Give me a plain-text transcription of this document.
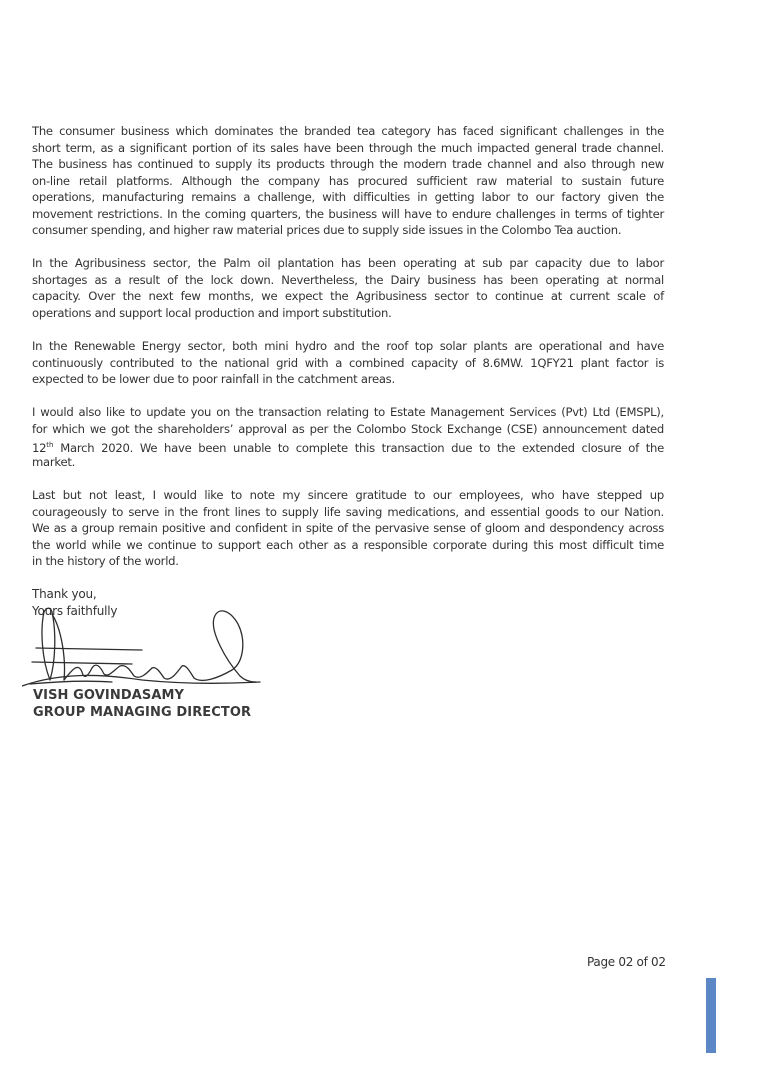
The consumer business which dominates the branded tea category has faced significant challenges in the
short term, as a significant portion of its sales have been through the much impacted general trade channel.
The business has continued to supply its products through the modern trade channel and also through new
on-line retail platforms. Although the company has procured sufficient raw material to sustain future
operations, manufacturing remains a challenge, with difficulties in getting labor to our factory given the
movement restrictions. In the coming quarters, the business will have to endure challenges in terms of tighter
consumer spending, and higher raw material prices due to supply side issues in the Colombo Tea auction.
In the Agribusiness sector, the Palm oil plantation has been operating at sub par capacity due to labor
shortages as a result of the lock down. Nevertheless, the Dairy business has been operating at normal
capacity. Over the next few months, we expect the Agribusiness sector to continue at current scale of
operations and support local production and import substitution.
In the Renewable Energy sector, both mini hydro and the roof top solar plants are operational and have
continuously contributed to the national grid with a combined capacity of 8.6MW. 1QFY21 plant factor is
expected to be lower due to poor rainfall in the catchment areas.
I would also like to update you on the transaction relating to Estate Management Services (Pvt) Ltd (EMSPL),
for which we got the shareholders’ approval as per the Colombo Stock Exchange (CSE) announcement dated
12th March 2020. We have been unable to complete this transaction due to the extended closure of the
market.
Last but not least, I would like to note my sincere gratitude to our employees, who have stepped up
courageously to serve in the front lines to supply life saving medications, and essential goods to our Nation.
We as a group remain positive and confident in spite of the pervasive sense of gloom and despondency across
the world while we continue to support each other as a responsible corporate during this most difficult time
in the history of the world.
Thank you,
Yours faithfully
VISH GOVINDASAMY
GROUP MANAGING DIRECTOR
Page 02 of 02
